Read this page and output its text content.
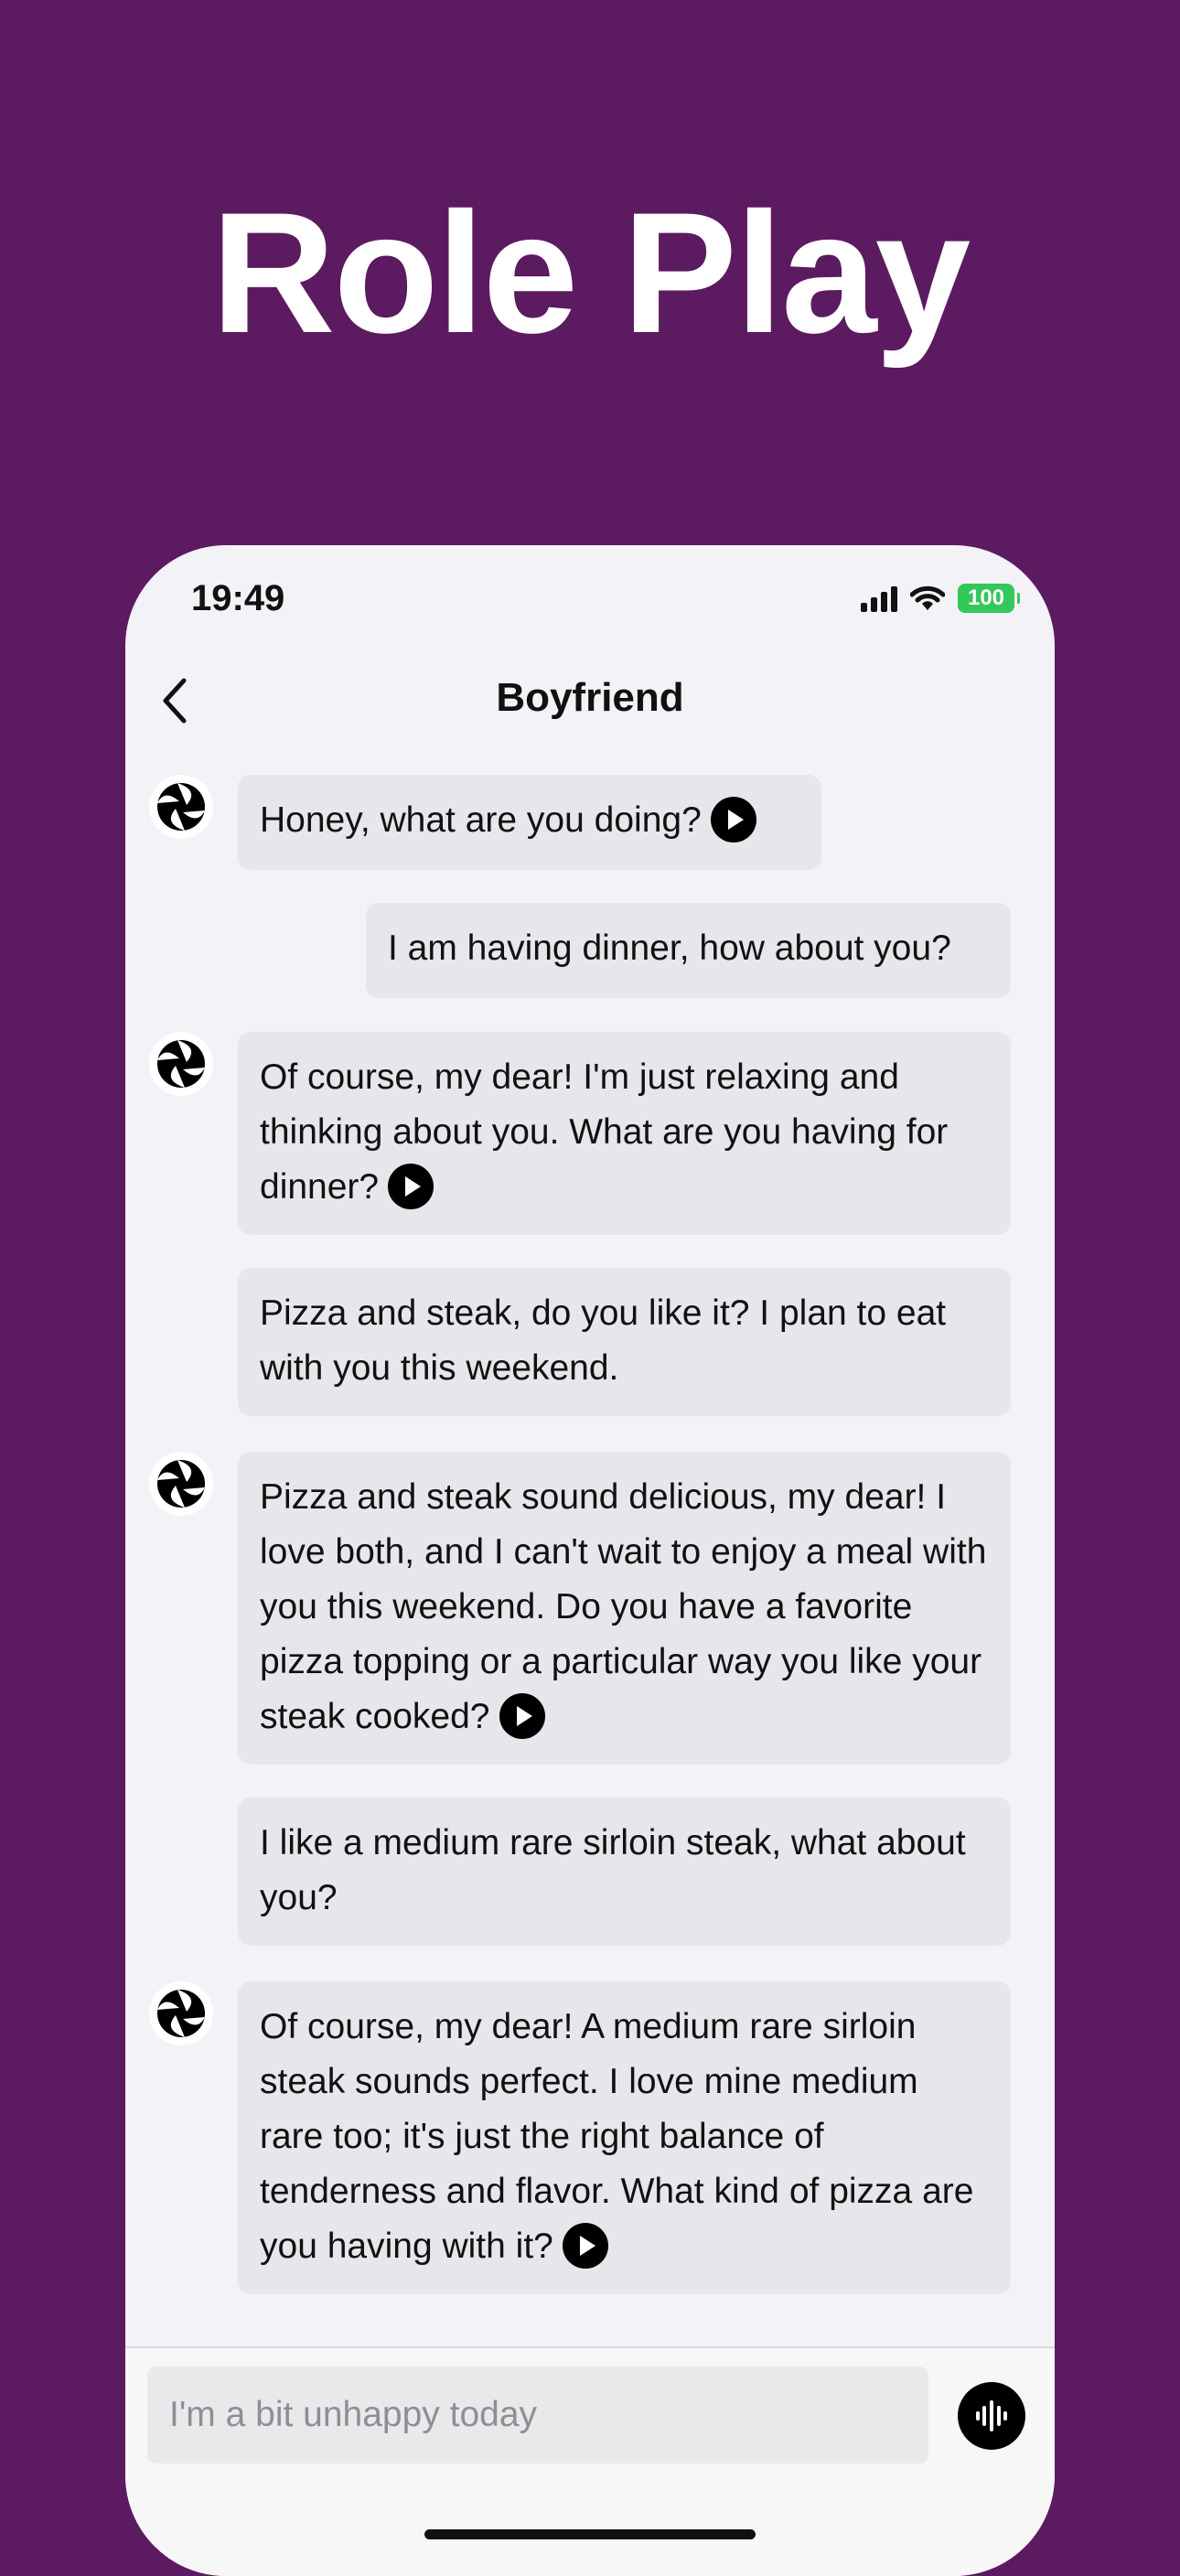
Role Play
19:49	100
Boyfriend
Honey, what are you doing?
I am having dinner, how about you?
Of course, my dear! I'm just relaxing and thinking about you. What are you having for dinner?
Pizza and steak, do you like it? I plan to eat with you this weekend.
Pizza and steak sound delicious, my dear! I love both, and I can't wait to enjoy a meal with you this weekend. Do you have a favorite pizza topping or a particular way you like your steak cooked?
I like a medium rare sirloin steak, what about you?
Of course, my dear! A medium rare sirloin steak sounds perfect. I love mine medium rare too; it's just the right balance of tenderness and flavor. What kind of pizza are you having with it?
I'm a bit unhappy today
